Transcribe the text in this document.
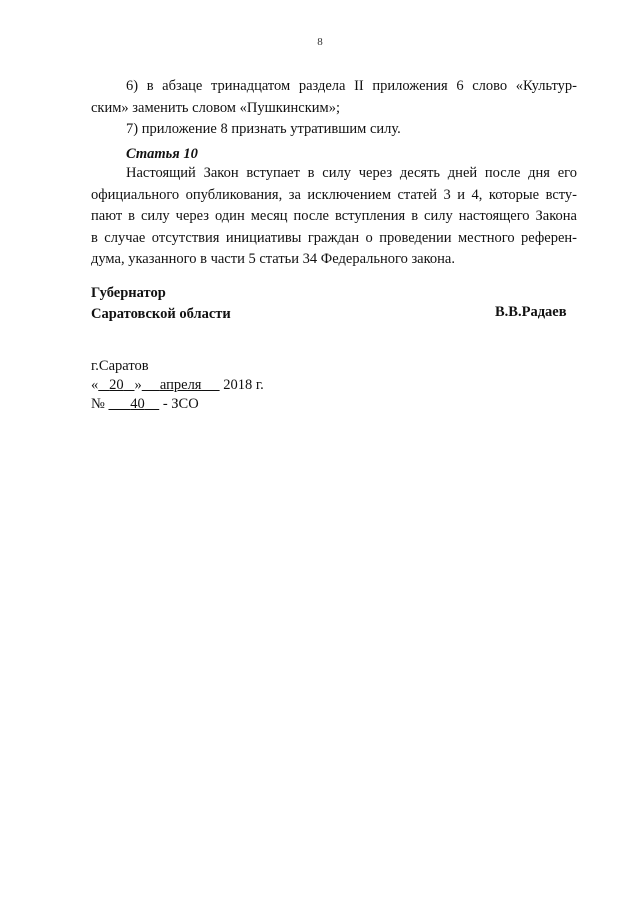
8
6) в абзаце тринадцатом раздела II приложения 6 слово «Культур-
ским» заменить словом «Пушкинским»;
7) приложение 8 признать утратившим силу.
Статья 10
Настоящий Закон вступает в силу через десять дней после дня его
официального опубликования, за исключением статей 3 и 4, которые всту-
пают в силу через один месяц после вступления в силу настоящего Закона
в случае отсутствия инициативы граждан о проведении местного референ-
дума, указанного в части 5 статьи 34 Федерального закона.
Губернатор
Саратовской области	В.В.Радаев
г.Саратов
« 20 » апреля 2018 г.
№ 40 - ЗСО
